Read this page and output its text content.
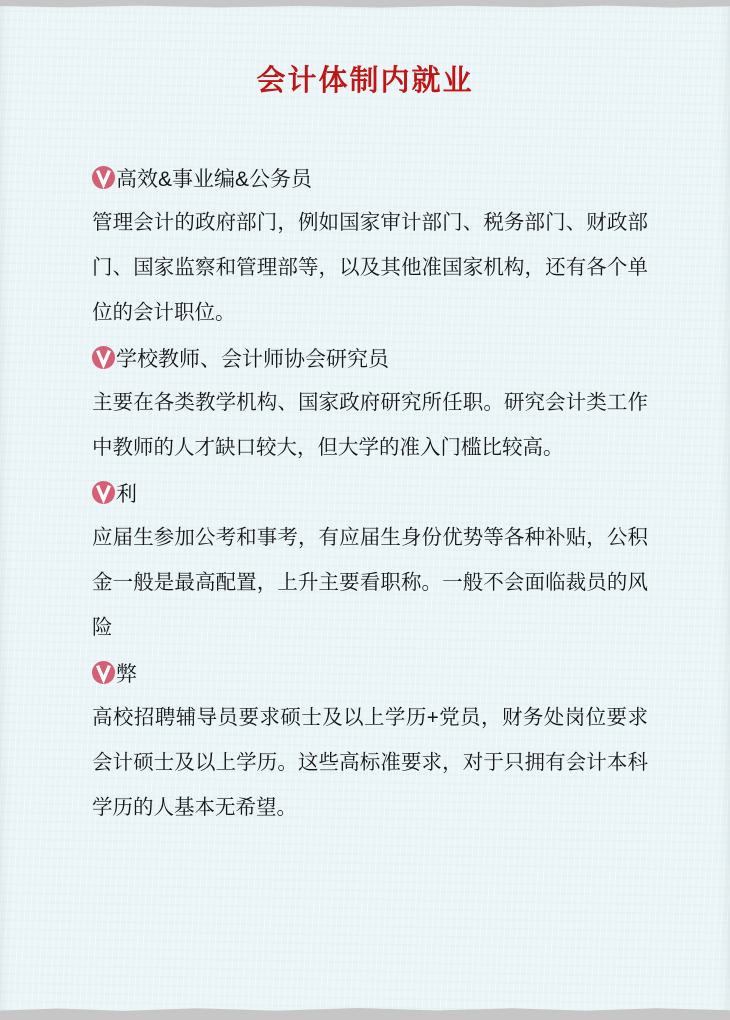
会计体制内就业
高效&事业编&公务员

管理会计的政府部门，例如国家审计部门、税务部门、财政部门、国家监察和管理部等，以及其他准国家机构，还有各个单位的会计职位。

学校教师、会计师协会研究员

主要在各类教学机构、国家政府研究所任职。研究会计类工作中教师的人才缺口较大，但大学的准入门槛比较高。

利

应届生参加公考和事考，有应届生身份优势等各种补贴，公积金一般是最高配置，上升主要看职称。一般不会面临裁员的风险

弊

高校招聘辅导员要求硕士及以上学历+党员，财务处岗位要求会计硕士及以上学历。这些高标准要求，对于只拥有会计本科学历的人基本无希望。
